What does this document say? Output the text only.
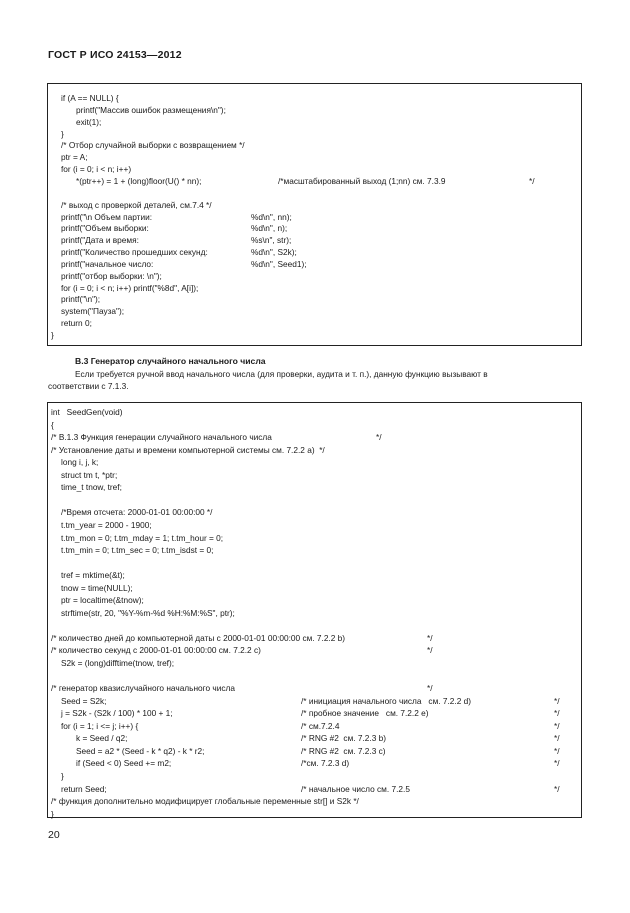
ГОСТ Р ИСО 24153—2012
if (A == NULL) {
printf("Массив ошибок размещения\n");
exit(1);
}
/* Отбор случайной выборки с возвращением */
ptr = A;
for (i = 0; i < n; i++)
*(ptr++) = 1 + (long)floor(U() * nn);	/*масштабированный выход (1;nn) см. 7.3.9	*/
/* выход с проверкой деталей, см.7.4 */
printf("\n Объем партии:	%d\n", nn);
printf("Объем выборки:	%d\n", n);
printf("Дата и время:	%s\n", str);
printf("Количество прошедших секунд:	%d\n", S2k);
printf("начальное число:	%d\n", Seed1);
printf("отбор выборки: \n");
for (i = 0; i < n; i++) printf("%8d", A[i]);
printf("\n");
system("Пауза");
return 0;
}
В.3 Генератор случайного начального числа
Если требуется ручной ввод начального числа (для проверки, аудита и т. п.), данную функцию вызывают в
соответствии с 7.1.3.
int   SeedGen(void)
{
/* В.1.3 Функция генерации случайного начального числа	*/
/* Установление даты и времени компьютерной системы см. 7.2.2 а)  */
long i, j, k;
struct tm t, *ptr;
time_t tnow, tref;
/*Время отсчета: 2000-01-01 00:00:00 */
t.tm_year = 2000 - 1900;
t.tm_mon = 0; t.tm_mday = 1; t.tm_hour = 0;
t.tm_min = 0; t.tm_sec = 0; t.tm_isdst = 0;
tref = mktime(&t);
tnow = time(NULL);
ptr = localtime(&tnow);
strftime(str, 20, "%Y-%m-%d %H:%M:%S", ptr);
/* количество дней до компьютерной даты с 2000-01-01 00:00:00 см. 7.2.2 b)	*/
/* количество секунд с 2000-01-01 00:00:00 см. 7.2.2 c)	*/
S2k = (long)difftime(tnow, tref);
/* генератор квазислучайного начального числа	*/
Seed = S2k;	/* инициация начального числа   см. 7.2.2 d)	*/
j = S2k - (S2k / 100) * 100 + 1;	/* пробное значение   см. 7.2.2 e)	*/
for (i = 1; i <= j; i++) {	/* см.7.2.4	*/
k = Seed / q2;	/* RNG #2  см. 7.2.3 b)	*/
Seed = a2 * (Seed - k * q2) - k * r2;	/* RNG #2  см. 7.2.3 c)	*/
if (Seed < 0) Seed += m2;	/*см. 7.2.3 d)	*/
}
return Seed;	/* начальное число см. 7.2.5	*/
/* функция дополнительно модифицирует глобальные переменные str[] и S2k */
}
20
